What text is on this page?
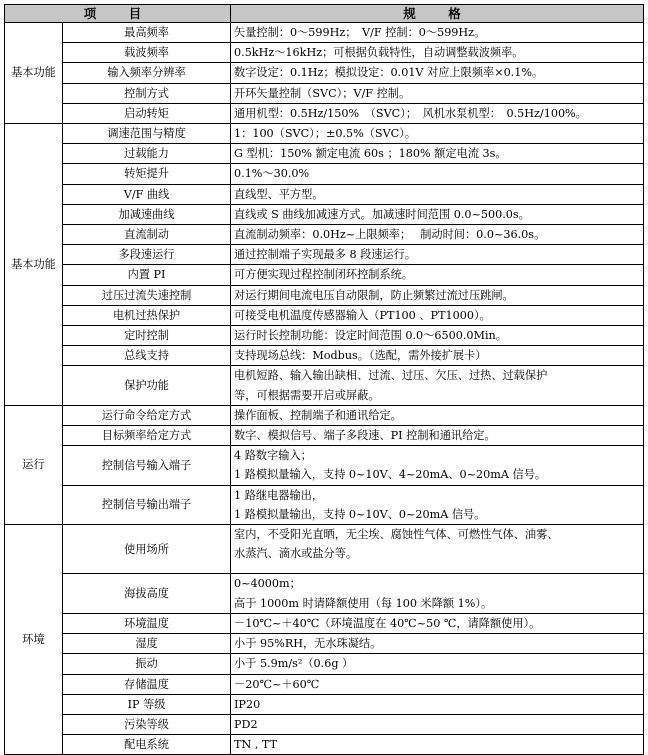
项　目		规　格
基本功能	最高频率	矢量控制：0～599Hz；　V/F 控制：0～599Hz。

	载波频率	0.5kHz～16kHz；可根据负载特性，自动调整载波频率。

	输入频率分辨率	数字设定：0.1Hz；模拟设定：0.01V 对应上限频率×0.1%。

	控制方式	开环矢量控制（SVC）；V/F 控制。

	启动转矩	通用机型：0.5Hz/150%　（SVC）；　风机水泵机型：　0.5Hz/100%。

基本功能	调速范围与精度	1：100（SVC）；±0.5%（SVC）。

	过载能力	G 型机：150% 额定电流 60s ；180% 额定电流 3s。

	转矩提升	0.1%～30.0%

	V/F 曲线	直线型、平方型。

	加减速曲线	直线或 S 曲线加减速方式。加减速时间范围 0.0~500.0s。

	直流制动	直流制动频率：0.0Hz~上限频率；　 制动时间：0.0~36.0s。

	多段速运行	通过控制端子实现最多 8 段速运行。

	内置 PI	可方便实现过程控制闭环控制系统。

	过压过流失速控制	对运行期间电流电压自动限制，防止频繁过流过压跳闸。

	电机过热保护	可接受电机温度传感器输入（PT100 、PT1000）。

	定时控制	运行时长控制功能：设定时间范围 0.0～6500.0Min。

	总线支持	支持现场总线：Modbus。（选配，需外接扩展卡）

	保护功能	电机短路、输入输出缺相、过流、过压、欠压、过热、过载保护
等，可根据需要开启或屏蔽。

运行	运行命令给定方式	操作面板、控制端子和通讯给定。

	目标频率给定方式	数字、模拟信号、端子多段速、PI 控制和通讯给定。

	控制信号输入端子	4 路数字输入；
1 路模拟量输入，支持 0~10V、4~20mA、0~20mA 信号。

	控制信号输出端子	1 路继电器输出，
1 路模拟量输出，支持 0~10V、0~20mA 信号。

环境	使用场所	室内，不受阳光直晒，无尘埃、腐蚀性气体、可燃性气体、油雾、
水蒸汽、滴水或盐分等。

	海拔高度	0~4000m；
高于 1000m 时请降额使用（每 100 米降额 1%）。

	环境温度	－10℃~＋40℃（环境温度在 40℃~50 ℃，请降额使用）。

	湿度	小于 95%RH，无水珠凝结。

	振动	小于 5.9m/s²（0.6g ）

	存储温度	－20℃~＋60℃

	IP 等级	IP20

	污染等级	PD2

	配电系统	TN , TT
